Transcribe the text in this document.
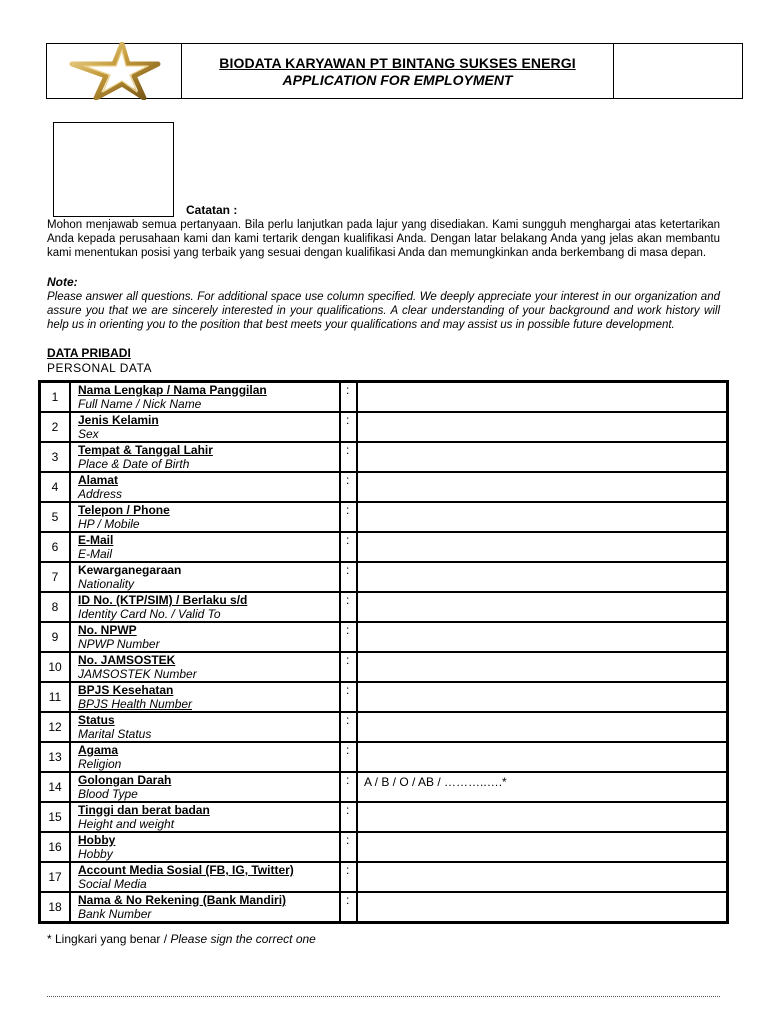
BIODATA KARYAWAN PT BINTANG SUKSES ENERGI
APPLICATION FOR EMPLOYMENT
Catatan :

Mohon menjawab semua pertanyaan. Bila perlu lanjutkan pada lajur yang disediakan. Kami sungguh menghargai atas ketertarikan Anda kepada perusahaan kami dan kami tertarik dengan kualifikasi Anda. Dengan latar belakang Anda yang jelas akan membantu kami menentukan posisi yang terbaik yang sesuai dengan kualifikasi Anda dan memungkinkan anda berkembang di masa depan.

Note:

Please answer all questions. For additional space use column specified. We deeply appreciate your interest in our organization and assure you that we are sincerely interested in your qualifications. A clear understanding of your background and work history will help us in orienting you to the position that best meets your qualifications and may assist us in possible future development.

DATA PRIBADI
PERSONAL DATA
1	Nama Lengkap / Nama Panggilan
Full Name / Nick Name	:	
2	Jenis Kelamin
Sex	:	
3	Tempat & Tanggal Lahir
Place & Date of Birth	:	
4	Alamat
Address	:	
5	Telepon / Phone
HP / Mobile	:	
6	E-Mail
E-Mail	:	
7	Kewarganegaraan
Nationality	:	
8	ID No. (KTP/SIM) / Berlaku s/d
Identity Card No. / Valid To	:	
9	No. NPWP
NPWP Number	:	
10	No. JAMSOSTEK
JAMSOSTEK Number	:	
11	BPJS Kesehatan
BPJS Health Number	:	
12	Status
Marital Status	:	
13	Agama
Religion	:	
14	Golongan Darah
Blood Type	:	A / B / O / AB / ………..….*
15	Tinggi dan berat badan
Height and weight	:	
16	Hobby
Hobby	:	
17	Account Media Sosial (FB, IG, Twitter)
Social Media	:	
18	Nama & No Rekening (Bank Mandiri)
Bank Number	:	
* Lingkari yang benar / Please sign the correct one
